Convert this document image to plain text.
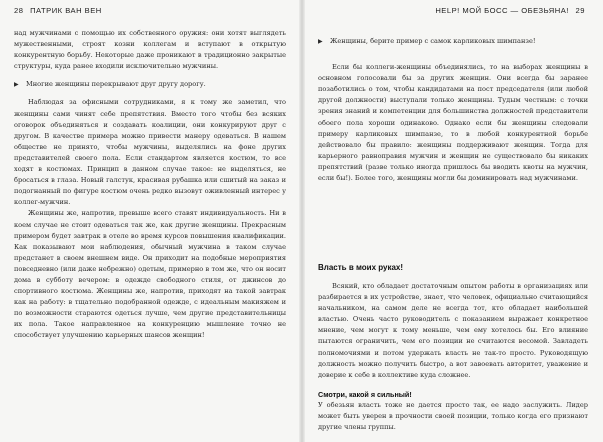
28 ПАТРИК ВАН ВЕН

над мужчинами с помощью их собственного оружия: они хотят выглядеть мужественными, строят козни коллегам и вступают в открытую конкурентную борьбу. Некоторые даже проникают в традиционно закрытые структуры, куда ранее входили исключительно мужчины.

▶ Многие женщины перекрывают друг другу дорогу.

Наблюдая за офисными сотрудниками, я к тому же заметил, что женщины сами чинят себе препятствия. Вместо того чтобы без всяких оговорок объединяться и создавать коалиции, они конкурируют друг с другом. В качестве примера можно привести манеру одеваться. В нашем обществе не принято, чтобы мужчины, выделялись на фоне других представителей своего пола. Если стандартом является костюм, то все ходят в костюмах. Принцип в данном случае такое: не выделяться, не бросаться в глаза. Новый галстук, красивая рубашка или сшитый на заказ и подогнанный по фигуре костюм очень редко вызовут оживленный интерес у коллег-мужчин.

Женщины же, напротив, превыше всего ставят индивидуальность. Ни в коем случае не стоит одеваться так же, как другие женщины. Прекрасным примером будет завтрак в отеле во время курсов повышения квалификации. Как показывают мои наблюдения, обычный мужчина в таком случае предстанет в своем внешнем виде. Он приходит на подобные мероприятия повседневно (или даже небрежно) одетым, примерно в том же, что он носит дома в субботу вечером: в одежде свободного стиля, от джинсов до спортивного костюма. Женщины же, напротив, приходят на такой завтрак как на работу: в тщательно подобранной одежде, с идеальным макияжем и по возможности стараются одеться лучше, чем другие представительницы их пола. Такое направленное на конкуренцию мышление точно не способствует улучшению карьерных шансов женщин!

HELP! МОЙ БОСС — ОБЕЗЬЯНА! 29

▶ Женщины, берите пример с самок карликовых шимпанзе!

Если бы коллеги-женщины объединялись, то на выборах женщины в основном голосовали бы за других женщин. Они всегда бы заранее позаботились о том, чтобы кандидатами на пост председателя (или любой другой должности) выступали только женщины. Тудым честным: с точки зрения знаний и компетенции для большинства должностей представители обоего пола хороши одинаково. Однако если бы женщины следовали примеру карликовых шимпанзе, то в любой конкурентной борьбе действовало бы правило: женщины поддерживают женщин. Тогда для карьерного равноправия мужчин и женщин не существовало бы никаких препятствий (разве только иногда пришлось бы вводить квоты на мужчин, если бы!). Более того, женщины могли бы доминировать над мужчинами.

Власть в моих руках!

Всякий, кто обладает достаточным опытом работы в организациях или разбирается в их устройстве, знает, что человек, официально считающийся начальником, на самом деле не всегда тот, кто обладает наибольшей властью. Очень часто руководитель с показанием выражает конкретное мнение, чем могут к тому меньше, чем ему хотелось бы. Его влияние пытаются ограничить, чем его позиции не считаются весомой. Завладеть полномочиями и потом удержать власть не так-то просто. Руководящую должность можно получить быстро, а вот завоевать авторитет, уважение и доверие к себе в коллективе куда сложнее.

Смотри, какой я сильный!

У обезьян власть тоже не дается просто так, ее надо заслужить. Лидер может быть уверен в прочности своей позиции, только когда его признают другие члены группы.
